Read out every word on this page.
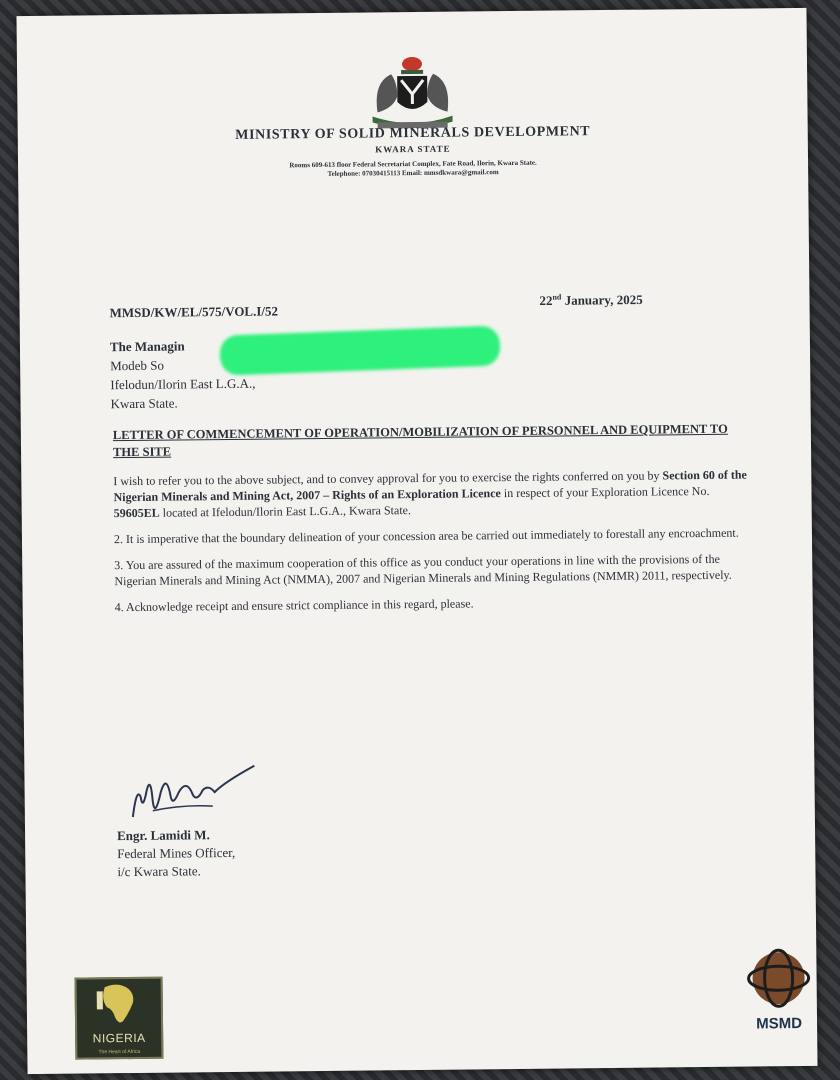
MINISTRY OF SOLID MINERALS DEVELOPMENT
KWARA STATE
Rooms 609-613 floor Federal Secretariat Complex, Fate Road, Ilorin, Kwara State.
Telephone: 07030415113 Email: mmsdkwara@gmail.com
MMSD/KW/EL/575/VOL.I/52
22nd January, 2025
The Managin
Modeb So
Ifelodun/Ilorin East L.G.A.,
Kwara State.
LETTER OF COMMENCEMENT OF OPERATION/MOBILIZATION OF PERSONNEL AND EQUIPMENT TO THE SITE

I wish to refer you to the above subject, and to convey approval for you to exercise the rights conferred on you by Section 60 of the Nigerian Minerals and Mining Act, 2007 – Rights of an Exploration Licence in respect of your Exploration Licence No. 59605EL located at Ifelodun/Ilorin East L.G.A., Kwara State.

2. It is imperative that the boundary delineation of your concession area be carried out immediately to forestall any encroachment.

3. You are assured of the maximum cooperation of this office as you conduct your operations in line with the provisions of the Nigerian Minerals and Mining Act (NMMA), 2007 and Nigerian Minerals and Mining Regulations (NMMR) 2011, respectively.

4. Acknowledge receipt and ensure strict compliance in this regard, please.

Engr. Lamidi M.
Federal Mines Officer,
i/c Kwara State.
NIGERIA
The Heart of Africa
MSMD
